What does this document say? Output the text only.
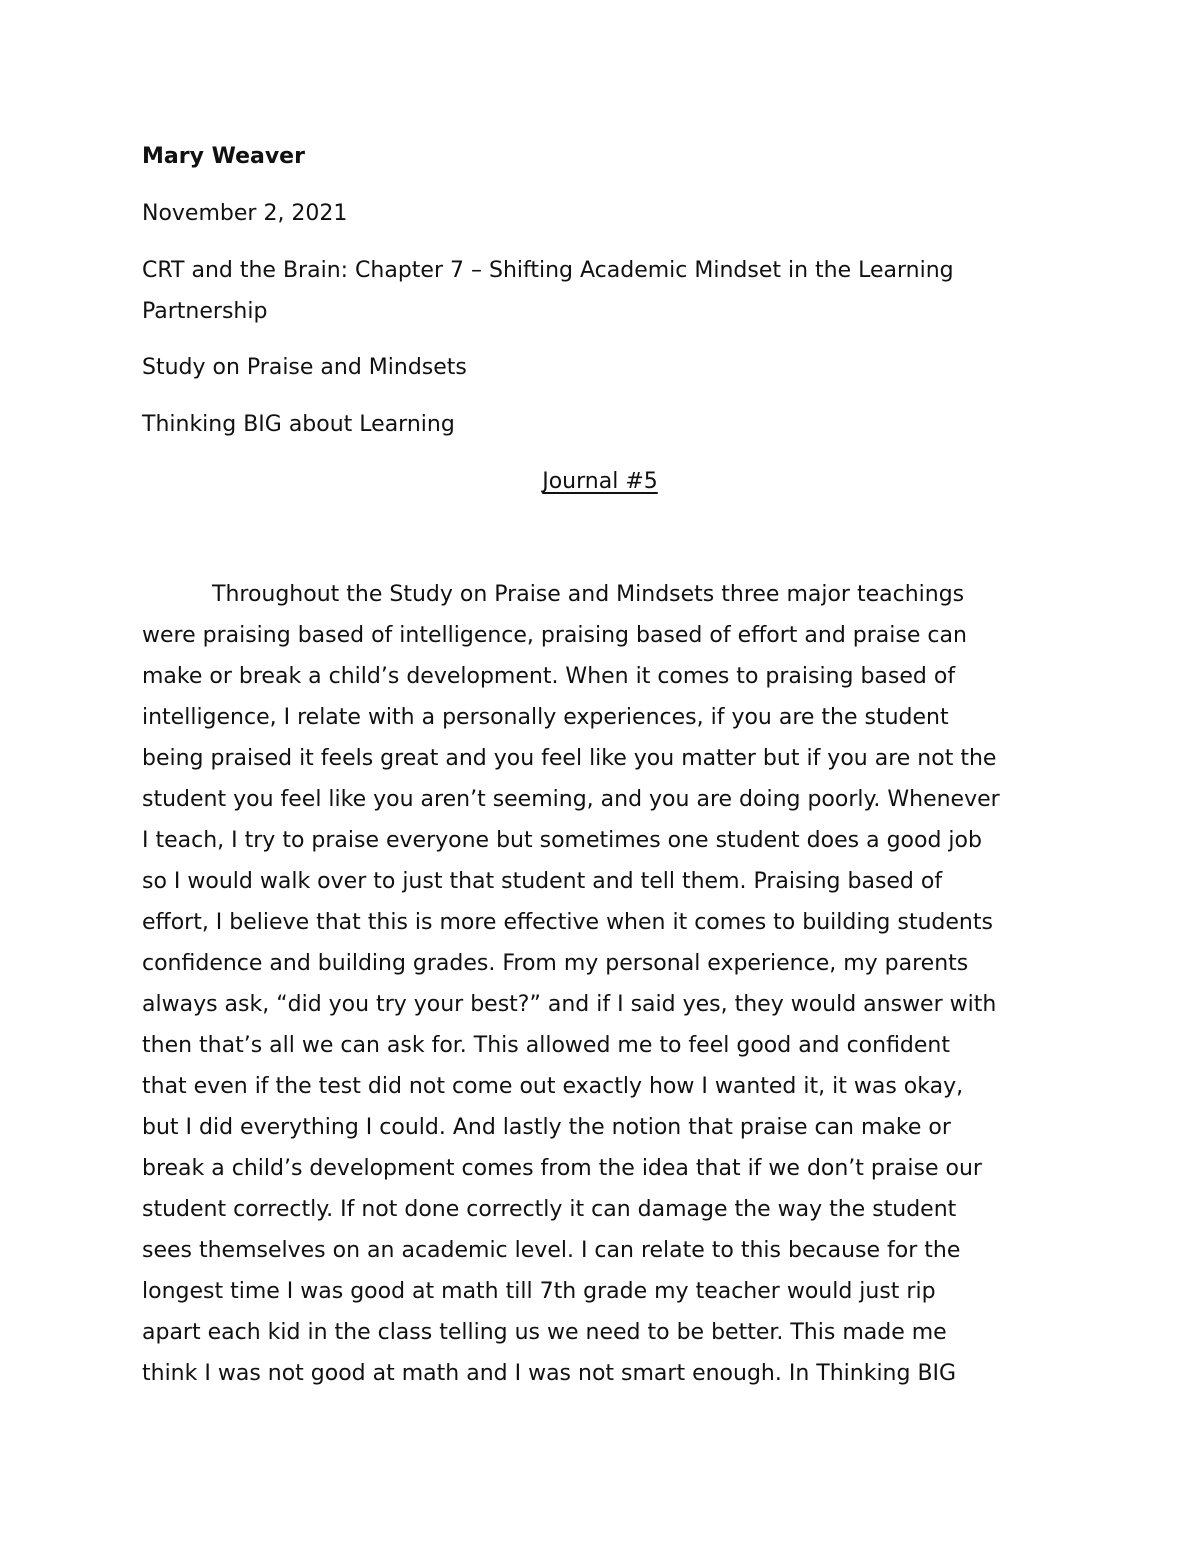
Mary Weaver
November 2, 2021
CRT and the Brain: Chapter 7 – Shifting Academic Mindset in the Learning Partnership
Study on Praise and Mindsets
Thinking BIG about Learning
Journal #5
Throughout the Study on Praise and Mindsets three major teachings
were praising based of intelligence, praising based of effort and praise can
make or break a child’s development. When it comes to praising based of
intelligence, I relate with a personally experiences, if you are the student
being praised it feels great and you feel like you matter but if you are not the
student you feel like you aren’t seeming, and you are doing poorly. Whenever
I teach, I try to praise everyone but sometimes one student does a good job
so I would walk over to just that student and tell them. Praising based of
effort, I believe that this is more effective when it comes to building students
confidence and building grades. From my personal experience, my parents
always ask, “did you try your best?” and if I said yes, they would answer with
then that’s all we can ask for. This allowed me to feel good and confident
that even if the test did not come out exactly how I wanted it, it was okay,
but I did everything I could. And lastly the notion that praise can make or
break a child’s development comes from the idea that if we don’t praise our
student correctly. If not done correctly it can damage the way the student
sees themselves on an academic level. I can relate to this because for the
longest time I was good at math till 7th grade my teacher would just rip
apart each kid in the class telling us we need to be better. This made me
think I was not good at math and I was not smart enough. In Thinking BIG
